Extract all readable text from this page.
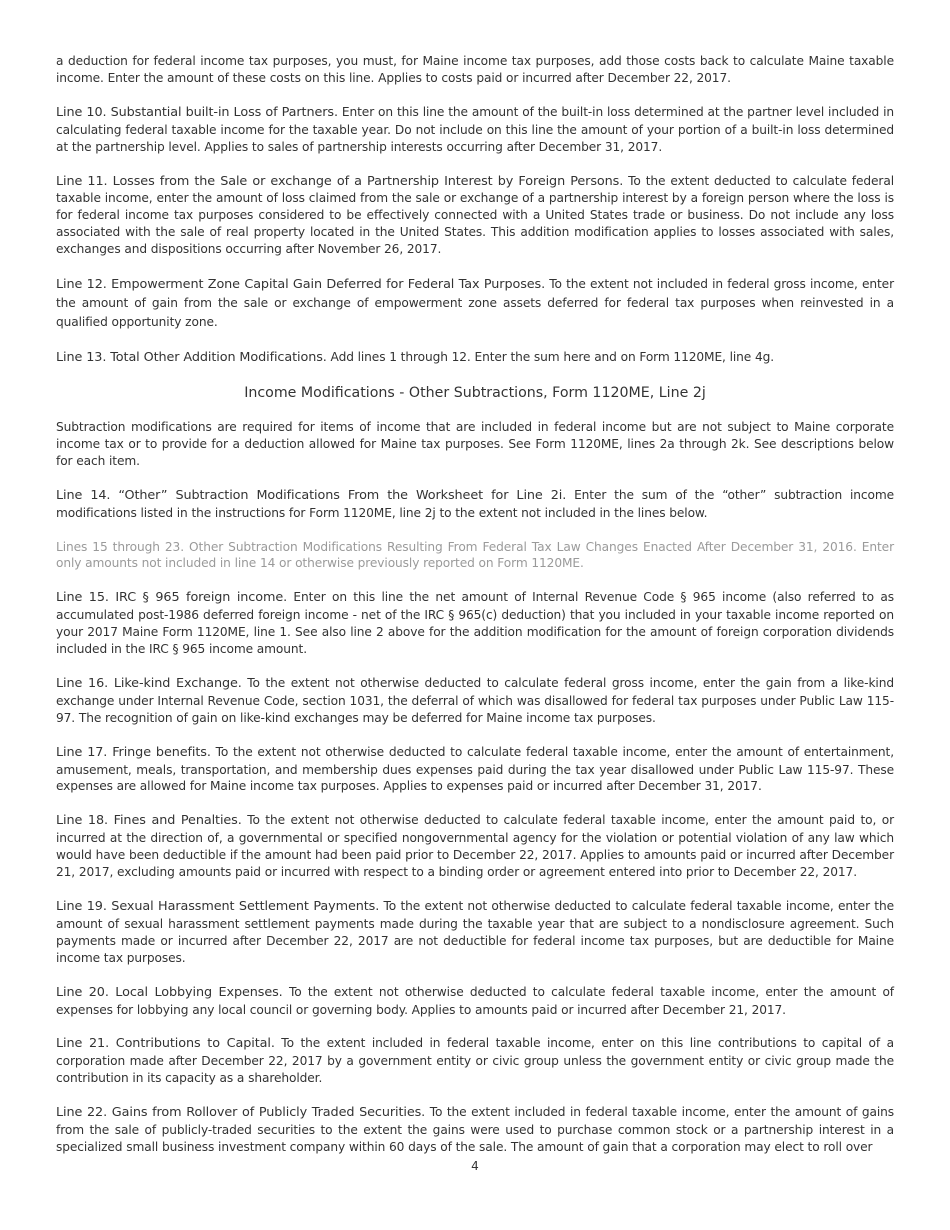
a deduction for federal income tax purposes, you must, for Maine income tax purposes, add those costs back to calculate Maine taxable income. Enter the amount of these costs on this line. Applies to costs paid or incurred after December 22, 2017.

Line 10. Substantial built-in Loss of Partners. Enter on this line the amount of the built-in loss determined at the partner level included in calculating federal taxable income for the taxable year. Do not include on this line the amount of your portion of a built-in loss determined at the partnership level. Applies to sales of partnership interests occurring after December 31, 2017.

Line 11. Losses from the Sale or exchange of a Partnership Interest by Foreign Persons. To the extent deducted to calculate federal taxable income, enter the amount of loss claimed from the sale or exchange of a partnership interest by a foreign person where the loss is for federal income tax purposes considered to be effectively connected with a United States trade or business. Do not include any loss associated with the sale of real property located in the United States. This addition modification applies to losses associated with sales, exchanges and dispositions occurring after November 26, 2017.

Line 12. Empowerment Zone Capital Gain Deferred for Federal Tax Purposes. To the extent not included in federal gross income, enter the amount of gain from the sale or exchange of empowerment zone assets deferred for federal tax purposes when reinvested in a qualified opportunity zone.

Line 13. Total Other Addition Modifications. Add lines 1 through 12. Enter the sum here and on Form 1120ME, line 4g.

Income Modifications - Other Subtractions, Form 1120ME, Line 2j

Subtraction modifications are required for items of income that are included in federal income but are not subject to Maine corporate income tax or to provide for a deduction allowed for Maine tax purposes. See Form 1120ME, lines 2a through 2k. See descriptions below for each item.

Line 14. “Other” Subtraction Modifications From the Worksheet for Line 2i. Enter the sum of the “other” subtraction income modifications listed in the instructions for Form 1120ME, line 2j to the extent not included in the lines below.

Lines 15 through 23. Other Subtraction Modifications Resulting From Federal Tax Law Changes Enacted After December 31, 2016. Enter only amounts not included in line 14 or otherwise previously reported on Form 1120ME.

Line 15. IRC § 965 foreign income. Enter on this line the net amount of Internal Revenue Code § 965 income (also referred to as accumulated post-1986 deferred foreign income - net of the IRC § 965(c) deduction) that you included in your taxable income reported on your 2017 Maine Form 1120ME, line 1. See also line 2 above for the addition modification for the amount of foreign corporation dividends included in the IRC § 965 income amount.

Line 16. Like-kind Exchange. To the extent not otherwise deducted to calculate federal gross income, enter the gain from a like-kind exchange under Internal Revenue Code, section 1031, the deferral of which was disallowed for federal tax purposes under Public Law 115-97. The recognition of gain on like-kind exchanges may be deferred for Maine income tax purposes.

Line 17. Fringe benefits. To the extent not otherwise deducted to calculate federal taxable income, enter the amount of entertainment, amusement, meals, transportation, and membership dues expenses paid during the tax year disallowed under Public Law 115-97. These expenses are allowed for Maine income tax purposes. Applies to expenses paid or incurred after December 31, 2017.

Line 18. Fines and Penalties. To the extent not otherwise deducted to calculate federal taxable income, enter the amount paid to, or incurred at the direction of, a governmental or specified nongovernmental agency for the violation or potential violation of any law which would have been deductible if the amount had been paid prior to December 22, 2017. Applies to amounts paid or incurred after December 21, 2017, excluding amounts paid or incurred with respect to a binding order or agreement entered into prior to December 22, 2017.

Line 19. Sexual Harassment Settlement Payments. To the extent not otherwise deducted to calculate federal taxable income, enter the amount of sexual harassment settlement payments made during the taxable year that are subject to a nondisclosure agreement. Such payments made or incurred after December 22, 2017 are not deductible for federal income tax purposes, but are deductible for Maine income tax purposes.

Line 20. Local Lobbying Expenses. To the extent not otherwise deducted to calculate federal taxable income, enter the amount of expenses for lobbying any local council or governing body. Applies to amounts paid or incurred after December 21, 2017.

Line 21. Contributions to Capital. To the extent included in federal taxable income, enter on this line contributions to capital of a corporation made after December 22, 2017 by a government entity or civic group unless the government entity or civic group made the contribution in its capacity as a shareholder.

Line 22. Gains from Rollover of Publicly Traded Securities. To the extent included in federal taxable income, enter the amount of gains from the sale of publicly-traded securities to the extent the gains were used to purchase common stock or a partnership interest in a specialized small business investment company within 60 days of the sale. The amount of gain that a corporation may elect to roll over

4
